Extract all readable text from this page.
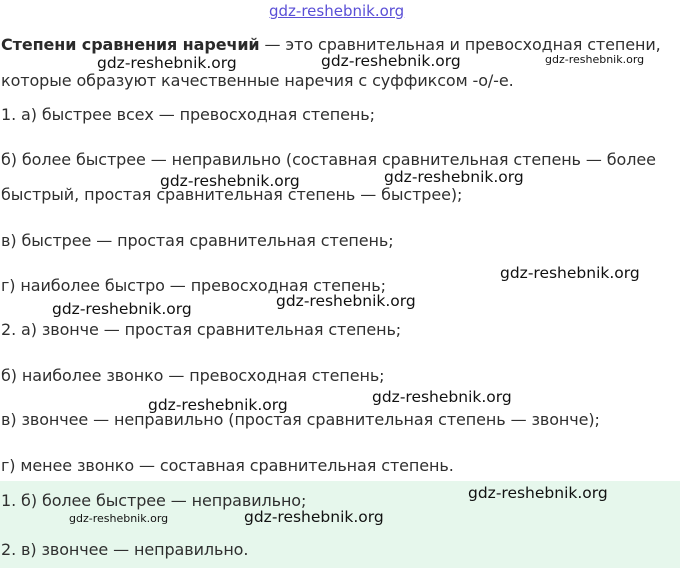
gdz-reshebnik.org

Степени сравнения наречий — это сравнительная и превосходная степени,

которые образуют качественные наречия с суффиксом -о/-е.

1. а) быстрее всех — превосходная степень;

б) более быстрее — неправильно (составная сравнительная степень — более

быстрый, простая сравнительная степень — быстрее);

в) быстрее — простая сравнительная степень;

г) наиболее быстро — превосходная степень;

2. а) звонче — простая сравнительная степень;

б) наиболее звонко — превосходная степень;

в) звончее — неправильно (простая сравнительная степень — звонче);

г) менее звонко — составная сравнительная степень.

1. б) более быстрее — неправильно;

2. в) звончее — неправильно.

gdz-reshebnik.org	gdz-reshebnik.org	gdz-reshebnik.org
gdz-reshebnik.org	gdz-reshebnik.org
gdz-reshebnik.org
gdz-reshebnik.org
gdz-reshebnik.org
gdz-reshebnik.org
gdz-reshebnik.org
gdz-reshebnik.org
gdz-reshebnik.org
gdz-reshebnik.org
